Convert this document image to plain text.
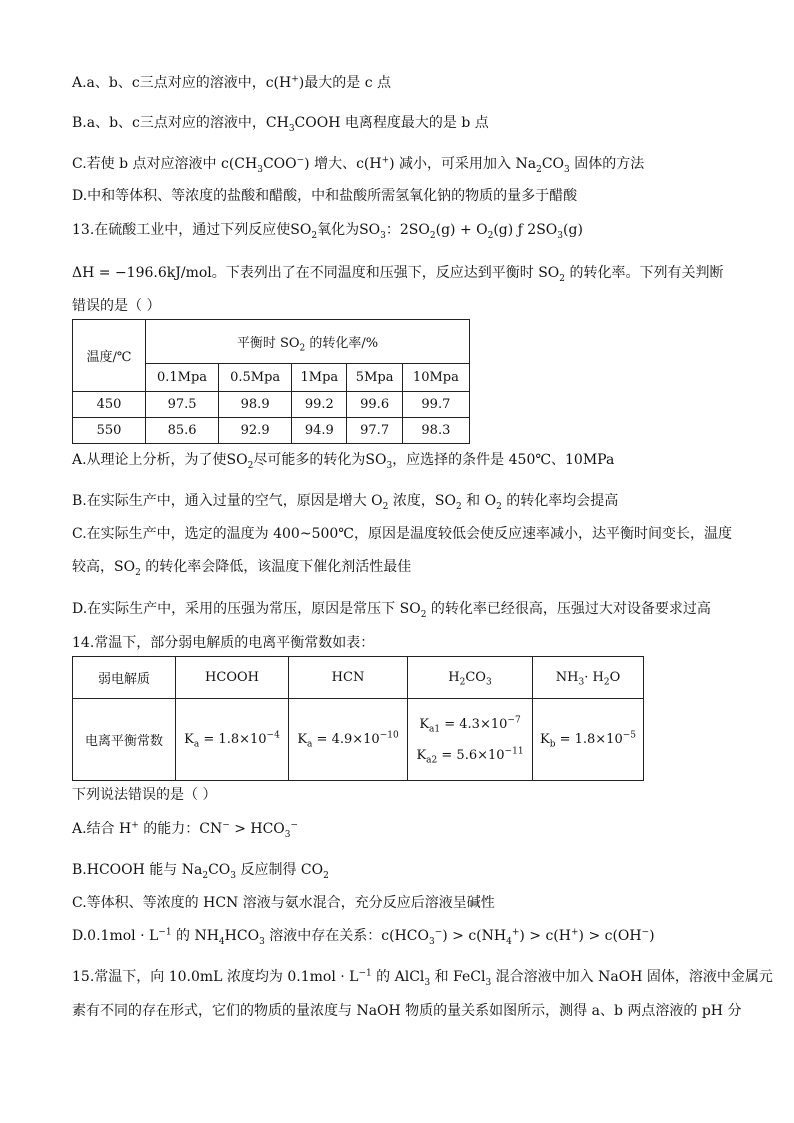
A.a、b、c三点对应的溶液中，c(H+)最大的是 c 点
B.a、b、c三点对应的溶液中，$CH_3COOH$ 电离程度最大的是 b 点
C.若使 b 点对应溶液中 $c(CH_3COO^-)$ 增大、c(H+) 减小，可采用加入 $Na_2CO_3$ 固体的方法
D.中和等体积、等浓度的盐酸和醋酸，中和盐酸所需氢氧化钠的物质的量多于醋酸
13.在硫酸工业中，通过下列反应使$SO_2$氧化为$SO_3$：$2SO_2(g) + O_2(g)$ ƒ $2SO_3(g)$
ΔH = −196.6kJ/mol。下表列出了在不同温度和压强下，反应达到平衡时 $SO_2$ 的转化率。下列有关判断
错误的是（ ）
温度/℃	平衡时 $SO_2$ 的转化率/%				
	0.1Mpa	0.5Mpa	1Mpa	5Mpa	10Mpa
450	97.5	98.9	99.2	99.6	99.7
550	85.6	92.9	94.9	97.7	98.3
A.从理论上分析，为了使$SO_2$尽可能多的转化为$SO_3$，应选择的条件是 450℃、10MPa
B.在实际生产中，通入过量的空气，原因是增大 $O_2$ 浓度，$SO_2$ 和 $O_2$ 的转化率均会提高
C.在实际生产中，选定的温度为 400~500℃，原因是温度较低会使反应速率减小，达平衡时间变长，温度
较高，$SO_2$ 的转化率会降低，该温度下催化剂活性最佳
D.在实际生产中，采用的压强为常压，原因是常压下 $SO_2$ 的转化率已经很高，压强过大对设备要求过高
14.常温下，部分弱电解质的电离平衡常数如表：
弱电解质	HCOOH	HCN	$H_2CO_3$	$NH_3\cdot H_2O$
电离平衡常数	$K_a = 1.8\times 10^{-4}$	$K_a = 4.9\times 10^{-10}$	$K_{a1} = 4.3\times 10^{-7}$
$K_{a2} = 5.6\times 10^{-11}$	$K_b = 1.8\times 10^{-5}$
下列说法错误的是（ ）
A.结合 H+ 的能力：$CN^- > HCO_3^-$
B.HCOOH 能与 $Na_2CO_3$ 反应制得 $CO_2$
C.等体积、等浓度的 HCN 溶液与氨水混合，充分反应后溶液呈碱性
$D.0.1mol \cdot L^{-1}$ 的 $NH_4HCO_3$ 溶液中存在关系：$c(HCO_3^-) > c(NH_4^+) > c(H^+) > c(OH^-)$
15.常温下，向 10.0mL 浓度均为 $0.1mol \cdot L^{-1}$ 的 AlCl$_3$ 和 FeCl$_3$ 混合溶液中加入 NaOH 固体，溶液中金属元
素有不同的存在形式，它们的物质的量浓度与 NaOH 物质的量关系如图所示，测得 a、b 两点溶液的 pH 分
